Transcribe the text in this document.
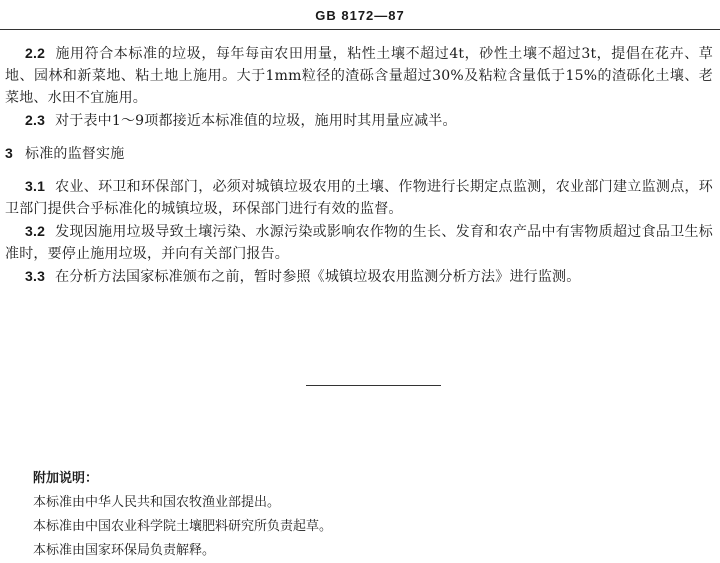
GB 8172—87

2.2 施用符合本标准的垃圾，每年每亩农田用量，粘性土壤不超过4t，砂性土壤不超过3t，提倡在花卉、草地、园林和新菜地、粘土地上施用。大于1mm粒径的渣砾含量超过30%及粘粒含量低于15%的渣砾化土壤、老菜地、水田不宜施用。

2.3 对于表中1～9项都接近本标准值的垃圾，施用时其用量应减半。

3 标准的监督实施

3.1 农业、环卫和环保部门，必须对城镇垃圾农用的土壤、作物进行长期定点监测，农业部门建立监测点，环卫部门提供合乎标准化的城镇垃圾，环保部门进行有效的监督。

3.2 发现因施用垃圾导致土壤污染、水源污染或影响农作物的生长、发育和农产品中有害物质超过食品卫生标准时，要停止施用垃圾，并向有关部门报告。

3.3 在分析方法国家标准颁布之前，暂时参照《城镇垃圾农用监测分析方法》进行监测。

附加说明：
本标准由中华人民共和国农牧渔业部提出。
本标准由中国农业科学院土壤肥料研究所负责起草。
本标准由国家环保局负责解释。
